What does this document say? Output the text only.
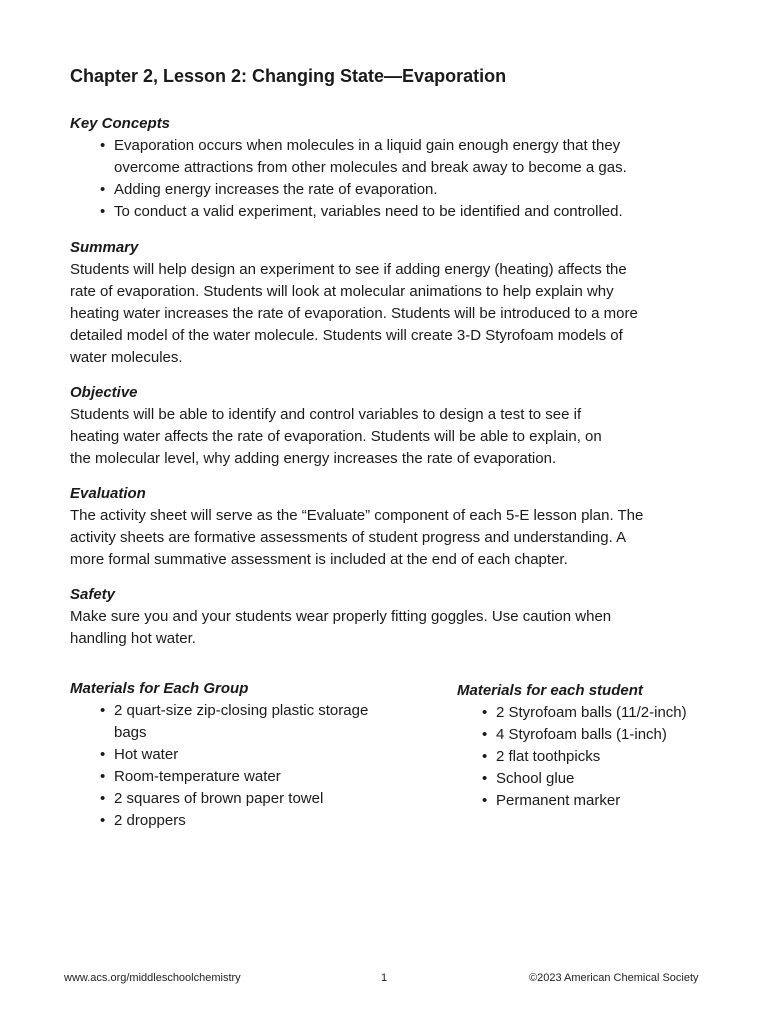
Chapter 2, Lesson 2: Changing State—Evaporation
Key Concepts
• Evaporation occurs when molecules in a liquid gain enough energy that they
overcome attractions from other molecules and break away to become a gas.
• Adding energy increases the rate of evaporation.
• To conduct a valid experiment, variables need to be identified and controlled.
Summary

Students will help design an experiment to see if adding energy (heating) affects the

rate of evaporation. Students will look at molecular animations to help explain why

heating water increases the rate of evaporation. Students will be introduced to a more

detailed model of the water molecule. Students will create 3-D Styrofoam models of

water molecules.

Objective

Students will be able to identify and control variables to design a test to see if

heating water affects the rate of evaporation. Students will be able to explain, on

the molecular level, why adding energy increases the rate of evaporation.

Evaluation

The activity sheet will serve as the “Evaluate” component of each 5-E lesson plan. The

activity sheets are formative assessments of student progress and understanding. A

more formal summative assessment is included at the end of each chapter.

Safety

Make sure you and your students wear properly fitting goggles. Use caution when

handling hot water.

Materials for Each Group
• 2 quart-size zip-closing plastic storage
bags
• Hot water
• Room-temperature water
• 2 squares of brown paper towel
• 2 droppers
Materials for each student
• 2 Styrofoam balls (11/2-inch)
• 4 Styrofoam balls (1-inch)
• 2 flat toothpicks
• School glue
• Permanent marker
www.acs.org/middleschoolchemistry	1	©2023 American Chemical Society
